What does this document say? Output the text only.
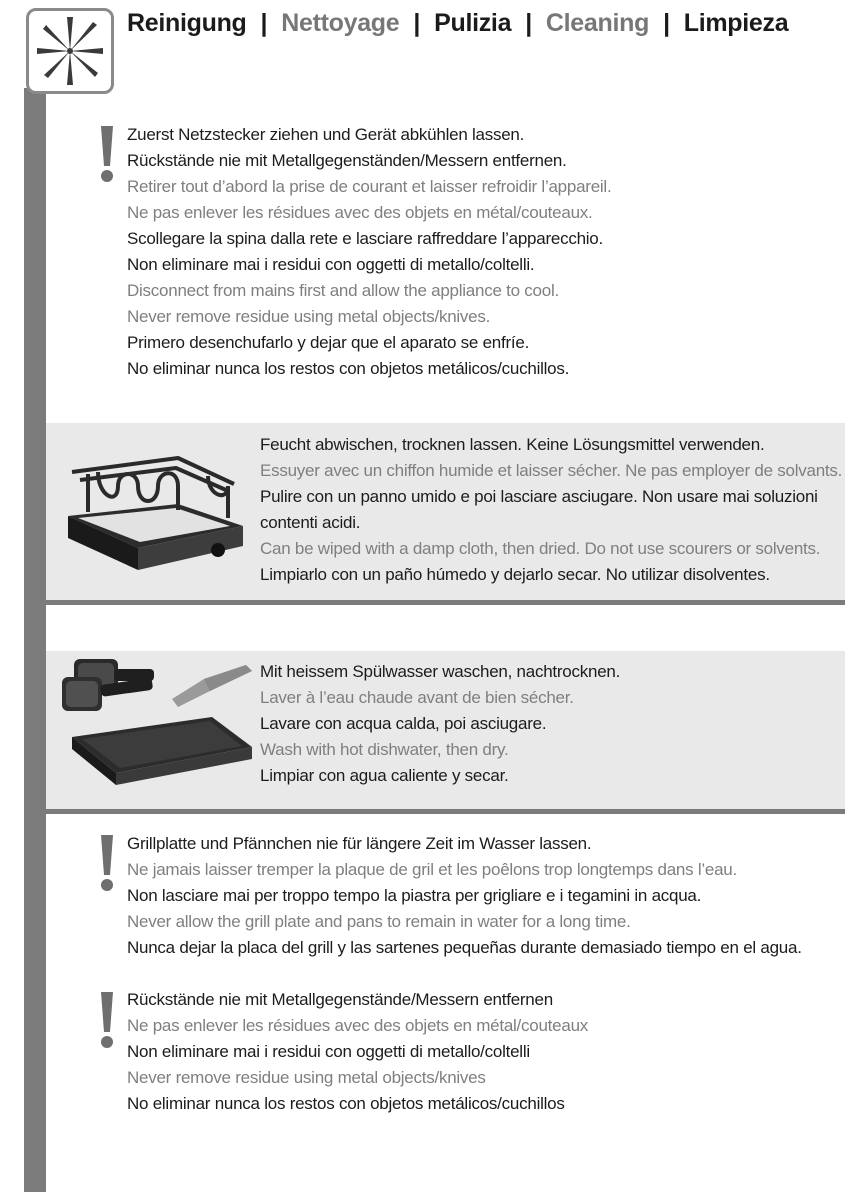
Reinigung | Nettoyage | Pulizia | Cleaning | Limpieza
Zuerst Netzstecker ziehen und Gerät abkühlen lassen.
Rückstände nie mit Metallgegenständen/Messern entfernen.
Retirer tout d’abord la prise de courant et laisser refroidir l’appareil.
Ne pas enlever les résidues avec des objets en métal/couteaux.
Scollegare la spina dalla rete e lasciare raffreddare l’apparecchio.
Non eliminare mai i residui con oggetti di metallo/coltelli.
Disconnect from mains first and allow the appliance to cool.
Never remove residue using metal objects/knives.
Primero desenchufarlo y dejar que el aparato se enfríe.
No eliminar nunca los restos con objetos metálicos/cuchillos.
Feucht abwischen, trocknen lassen. Keine Lösungsmittel verwenden.
Essuyer avec un chiffon humide et laisser sécher. Ne pas employer de solvants.
Pulire con un panno umido e poi lasciare asciugare. Non usare mai soluzioni
contenti acidi.
Can be wiped with a damp cloth, then dried. Do not use scourers or solvents.
Limpiarlo con un paño húmedo y dejarlo secar. No utilizar disolventes.
Mit heissem Spülwasser waschen, nachtrocknen.
Laver à l’eau chaude avant de bien sécher.
Lavare con acqua calda, poi asciugare.
Wash with hot dishwater, then dry.
Limpiar con agua caliente y secar.
Grillplatte und Pfännchen nie für längere Zeit im Wasser lassen.
Ne jamais laisser tremper la plaque de gril et les poêlons trop longtemps dans l’eau.
Non lasciare mai per troppo tempo la piastra per grigliare e i tegamini in acqua.
Never allow the grill plate and pans to remain in water for a long time.
Nunca dejar la placa del grill y las sartenes pequeñas durante demasiado tiempo en el agua.
Rückstände nie mit Metallgegenstände/Messern entfernen
Ne pas enlever les résidues avec des objets en métal/couteaux
Non eliminare mai i residui con oggetti di metallo/coltelli
Never remove residue using metal objects/knives
No eliminar nunca los restos con objetos metálicos/cuchillos
